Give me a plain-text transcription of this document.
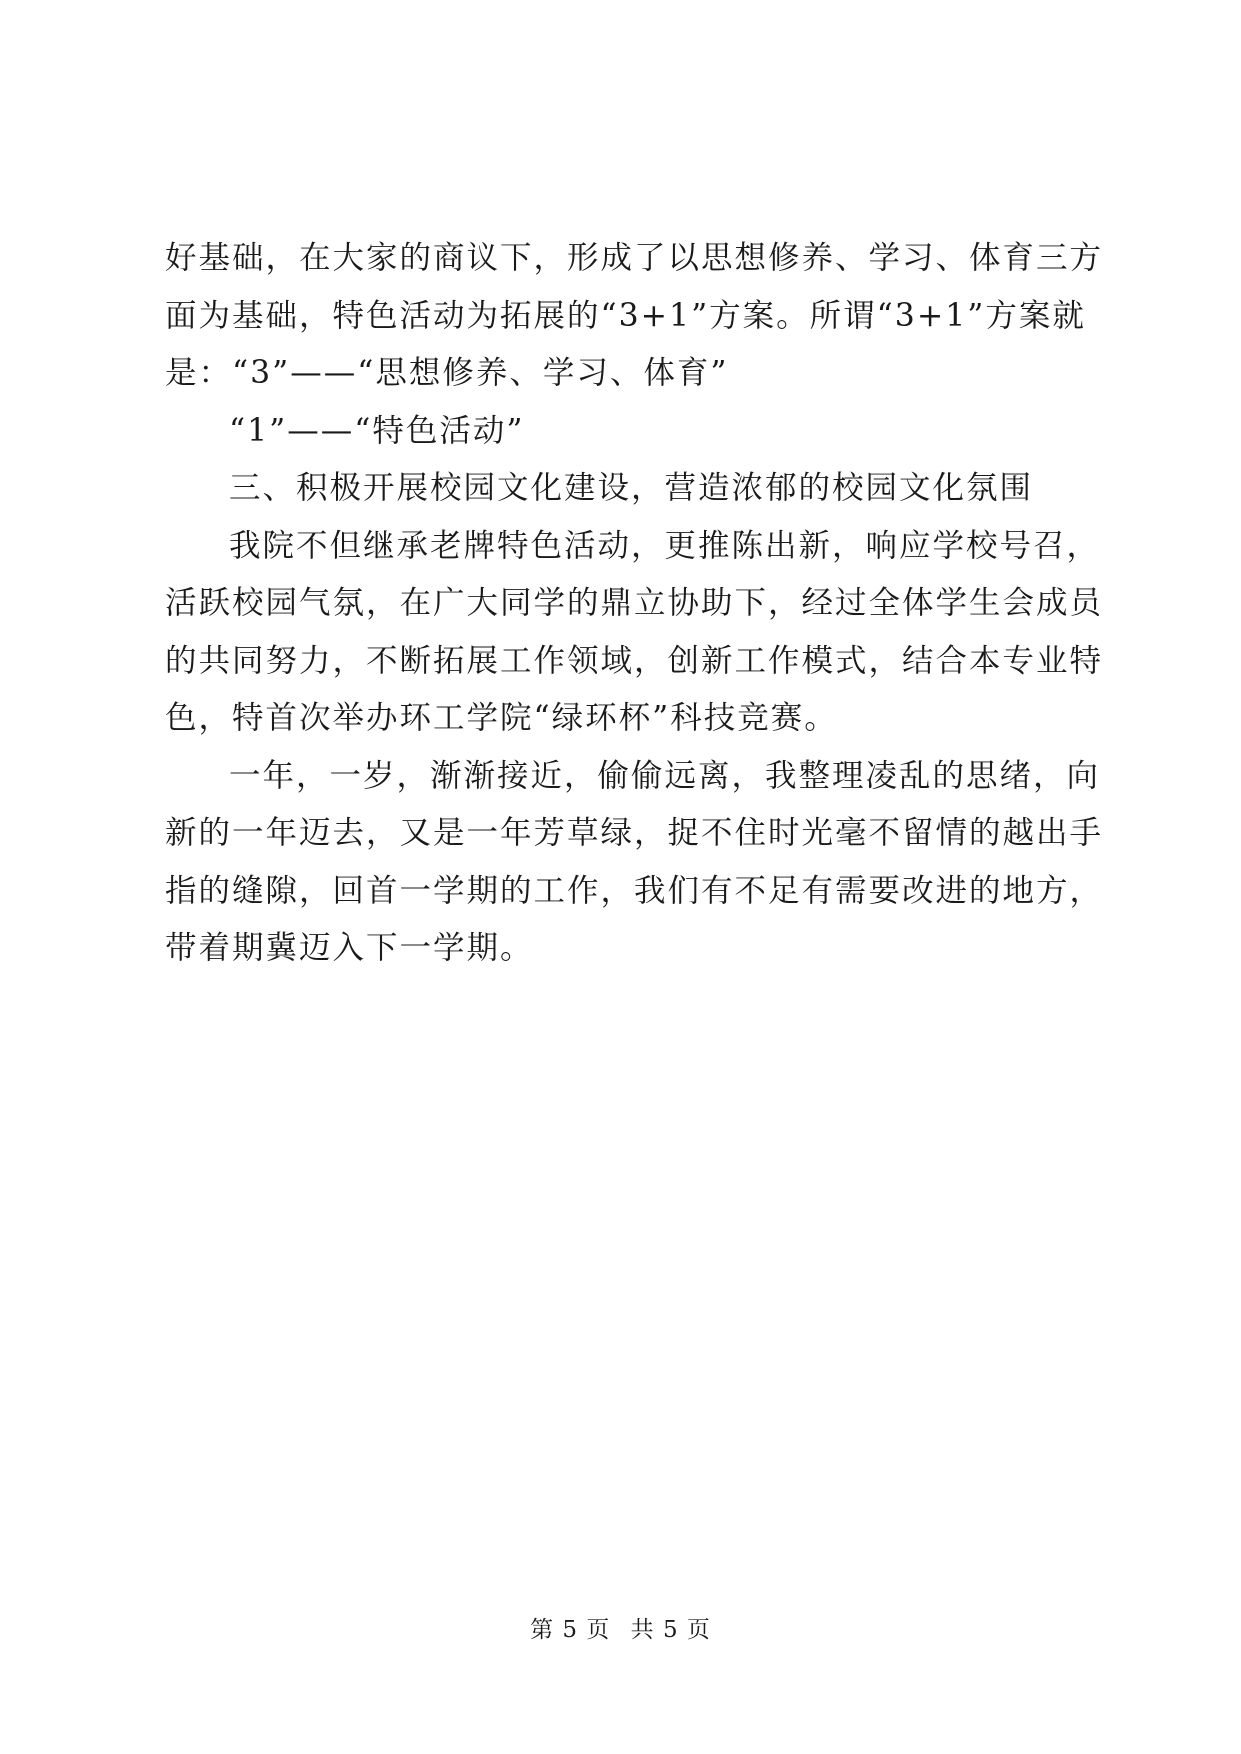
好基础，在大家的商议下，形成了以思想修养、学习、体育三方
面为基础，特色活动为拓展的“3+1”方案。所谓“3+1”方案就
是：“3”——“思想修养、学习、体育”
“1”——“特色活动”
三、积极开展校园文化建设，营造浓郁的校园文化氛围
我院不但继承老牌特色活动，更推陈出新，响应学校号召，
活跃校园气氛，在广大同学的鼎立协助下，经过全体学生会成员
的共同努力，不断拓展工作领域，创新工作模式，结合本专业特
色，特首次举办环工学院“绿环杯”科技竞赛。
一年，一岁，渐渐接近，偷偷远离，我整理凌乱的思绪，向
新的一年迈去，又是一年芳草绿，捉不住时光毫不留情的越出手
指的缝隙，回首一学期的工作，我们有不足有需要改进的地方，
带着期冀迈入下一学期。
第 5 页 共 5 页
